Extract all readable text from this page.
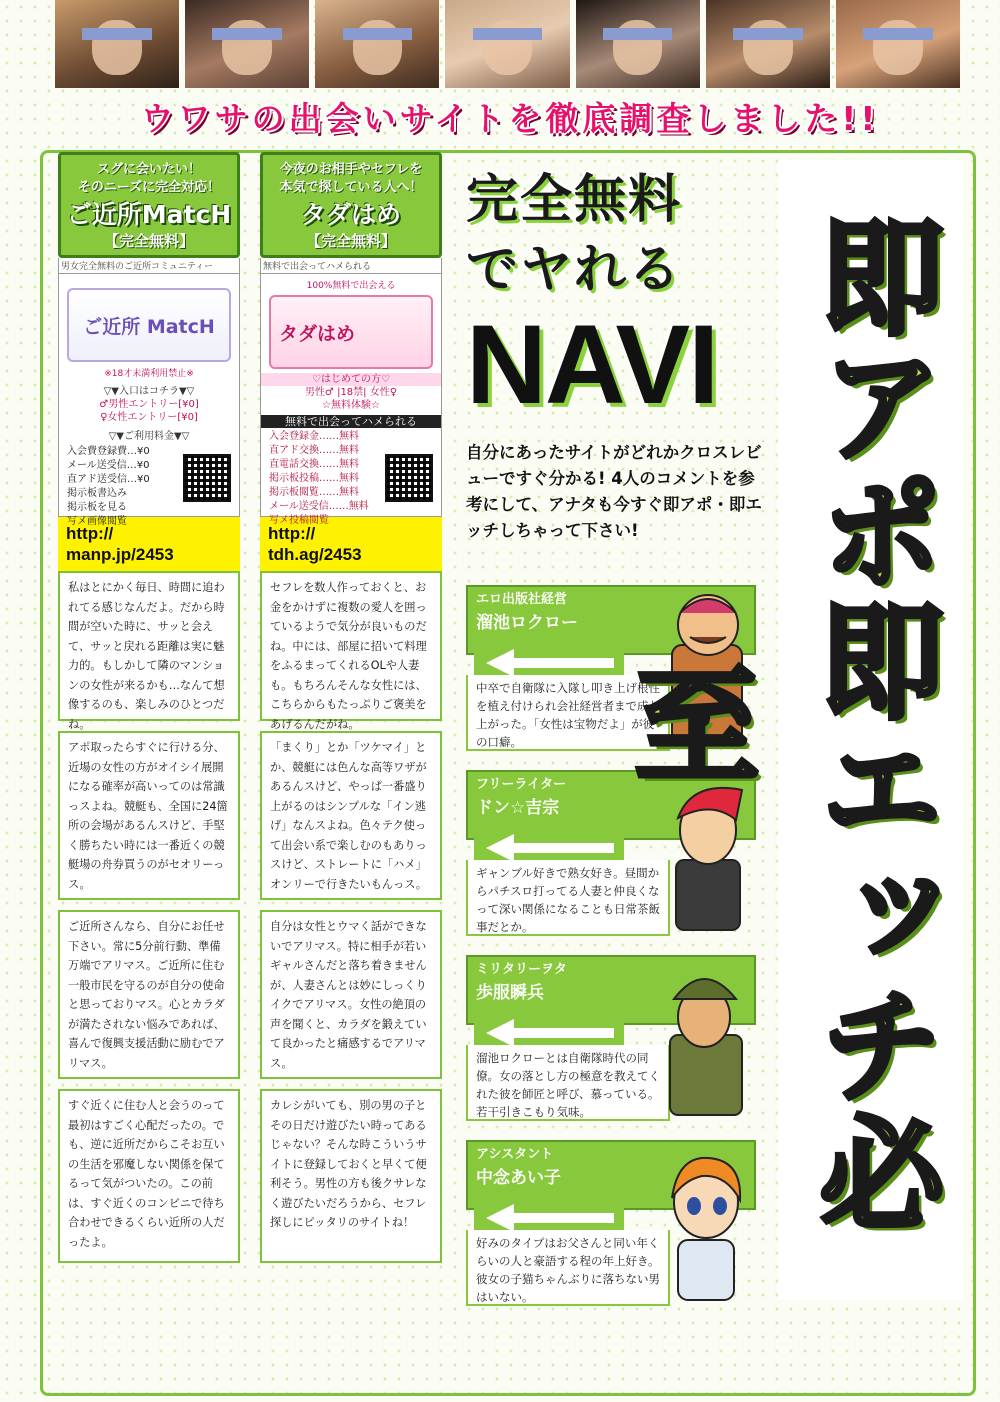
ウワサの出会いサイトを徹底調査しました!!
スグに会いたい！
そのニーズに完全対応！
ご近所MatcH
【完全無料】
男女完全無料のご近所コミュニティー
ご近所 MatcH
※18才未満利用禁止※
▽▼入口はコチラ▼▽
♂男性エントリー[¥0]
♀女性エントリー[¥0]
▽▼ご利用料金▼▽
入会費登録費…¥0
メール送受信…¥0
直アド送受信…¥0
掲示板書込み
掲示板を見る
写メ画像閲覧
http://
manp.jp/2453
私はとにかく毎日、時間に追われてる感じなんだよ。だから時間が空いた時に、サッと会えて、サッと戻れる距離は実に魅力的。もしかして隣のマンションの女性が来るかも…なんて想像するのも、楽しみのひとつだね。
アポ取ったらすぐに行ける分、近場の女性の方がオイシイ展開になる確率が高いってのは常識っスよね。競艇も、全国に24箇所の会場があるんスけど、手堅く勝ちたい時には一番近くの競艇場の舟券買うのがセオリーっス。
ご近所さんなら、自分にお任せ下さい。常に5分前行動、準備万端でアリマス。ご近所に住む一般市民を守るのが自分の使命と思っておりマス。心とカラダが満たされない悩みであれば、喜んで復興支援活動に励むでアリマス。
すぐ近くに住む人と会うのって最初はすごく心配だったの。でも、逆に近所だからこそお互いの生活を邪魔しない関係を保てるって気がついたの。この前は、すぐ近くのコンビニで待ち合わせできるくらい近所の人だったよ。
今夜のお相手やセフレを
本気で探している人へ！
タダはめ
【完全無料】
無料で出会ってハメられる
100%無料で出会える
タダはめ
♡はじめての方♡
男性♂ |18禁| 女性♀
☆無料体験☆
無料で出会ってハメられる
入会登録金……無料
直アド交換……無料
直電話交換……無料
掲示板投稿……無料
掲示板閲覧……無料
メール送受信……無料
写メ投稿閲覧
http://
tdh.ag/2453
セフレを数人作っておくと、お金をかけずに複数の愛人を囲っているようで気分が良いものだね。中には、部屋に招いて料理をふるまってくれるOLや人妻も。もちろんそんな女性には、こちらからもたっぷりご褒美をあげるんだがね。
「まくり」とか「ツケマイ」とか、競艇には色んな高等ワザがあるんスけど、やっぱ一番盛り上がるのはシンプルな「イン逃げ」なんスよね。色々テク使って出会い系で楽しむのもありっスけど、ストレートに「ハメ」オンリーで行きたいもんっス。
自分は女性とウマく話ができないでアリマス。特に相手が若いギャルさんだと落ち着きませんが、人妻さんとは妙にしっくりイクでアリマス。女性の絶頂の声を聞くと、カラダを鍛えていて良かったと痛感するでアリマス。
カレシがいても、別の男の子とその日だけ遊びたい時ってあるじゃない？そんな時こういうサイトに登録しておくと早くて便利そう。男性の方も後クサレなく遊びたいだろうから、セフレ探しにピッタリのサイトね！
完全無料
でヤれる
NAVI
自分にあったサイトがどれかクロスレビューですぐ分かる! 4人のコメントを参考にして、アナタも今すぐ即アポ・即エッチしちゃって下さい!
エロ出版社経営
溜池ロクロー
中卒で自衛隊に入隊し叩き上げ根性を植え付けられ会社経営者まで成り上がった。「女性は宝物だよ」が彼の口癖。
フリーライター
ドン☆吉宗
ギャンブル好きで熟女好き。昼間からパチスロ打ってる人妻と仲良くなって深い関係になることも日常茶飯事だとか。
ミリタリーヲタ
歩服瞬兵
溜池ロクローとは自衛隊時代の同僚。女の落とし方の極意を教えてくれた彼を師匠と呼び、慕っている。若干引きこもり気味。
アシスタント
中念あい子
好みのタイプはお父さんと同い年くらいの人と豪語する程の年上好き。彼女の子猫ちゃんぶりに落ちない男はいない。
即アポ即エッチ必至
